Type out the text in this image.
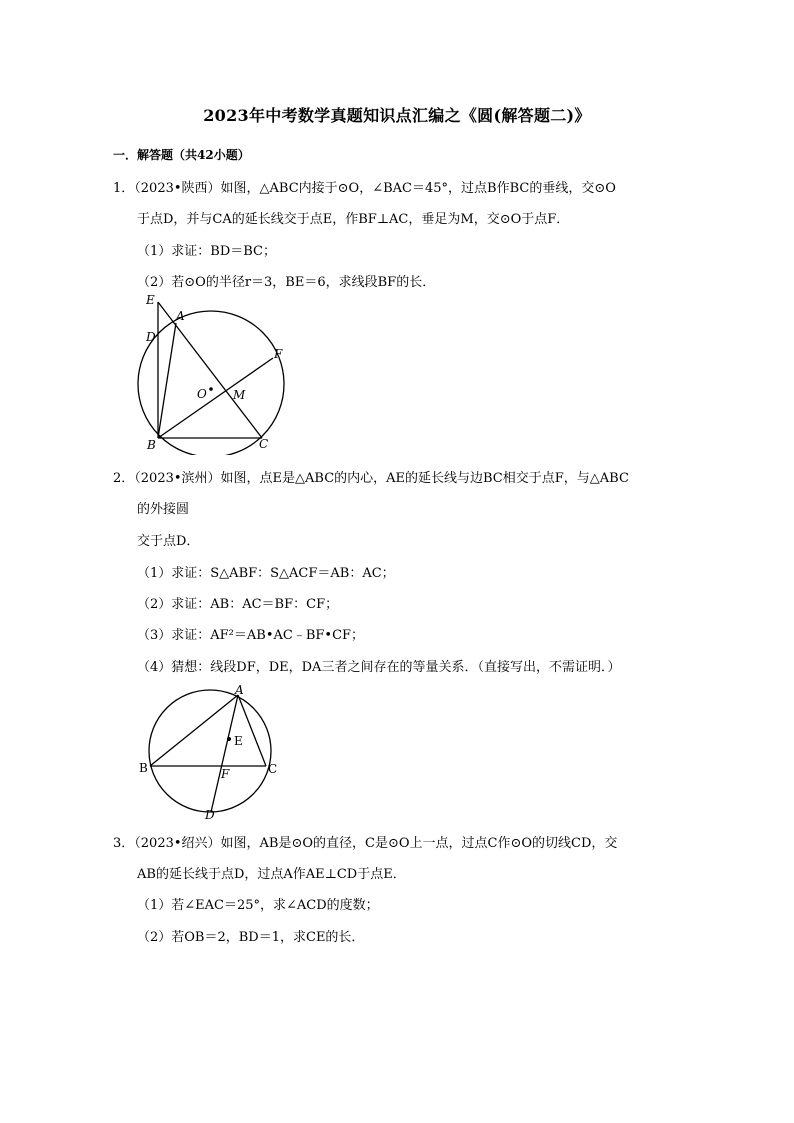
2023年中考数学真题知识点汇编之《圆(解答题二)》
一．解答题（共42小题）
1．（2023•陕西）如图，△ABC内接于⊙O，∠BAC＝45°，过点B作BC的垂线，交⊙O
于点D，并与CA的延长线交于点E，作BF⊥AC，垂足为M，交⊙O于点F．
（1）求证：BD＝BC；
（2）若⊙O的半径r＝3，BE＝6，求线段BF的长．
E
A
D
F
O M
B	C
2．（2023•滨州）如图，点E是△ABC的内心，AE的延长线与边BC相交于点F，与△ABC
的外接圆
交于点D．
（1）求证：S△ABF：S△ACF＝AB：AC；
（2）求证：AB：AC＝BF：CF；
（3）求证：AF²＝AB•AC﹣BF•CF；
（4）猜想：线段DF，DE，DA三者之间存在的等量关系．（直接写出，不需证明．）
A
E
B	F	C
D
3．（2023•绍兴）如图，AB是⊙O的直径，C是⊙O上一点，过点C作⊙O的切线CD，交
AB的延长线于点D，过点A作AE⊥CD于点E．
（1）若∠EAC＝25°，求∠ACD的度数；
（2）若OB＝2，BD＝1，求CE的长．
